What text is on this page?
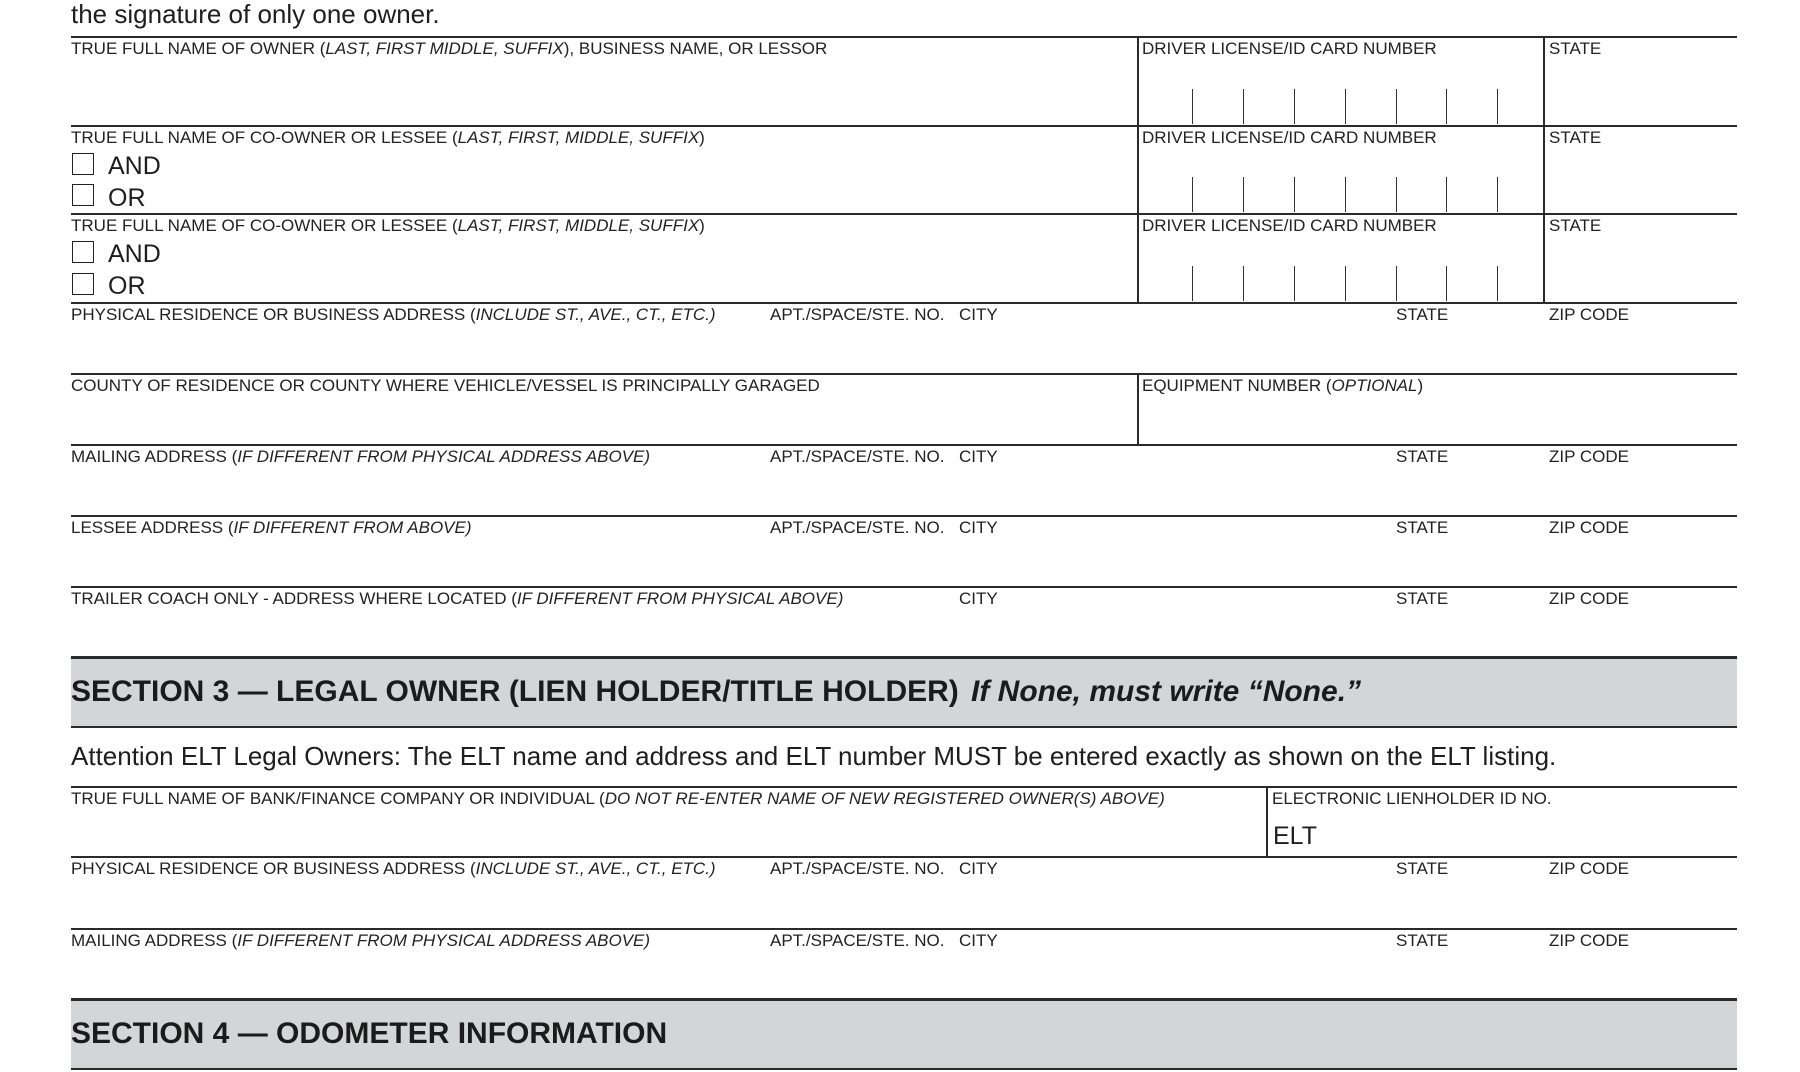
the signature of only one owner.
TRUE FULL NAME OF OWNER (LAST, FIRST MIDDLE, SUFFIX), BUSINESS NAME, OR LESSOR	DRIVER LICENSE/ID CARD NUMBER	STATE
TRUE FULL NAME OF CO-OWNER OR LESSEE (LAST, FIRST, MIDDLE, SUFFIX)
AND
OR
DRIVER LICENSE/ID CARD NUMBER	STATE
TRUE FULL NAME OF CO-OWNER OR LESSEE (LAST, FIRST, MIDDLE, SUFFIX)
AND
OR
DRIVER LICENSE/ID CARD NUMBER	STATE
PHYSICAL RESIDENCE OR BUSINESS ADDRESS (INCLUDE ST., AVE., CT., ETC.)	APT./SPACE/STE. NO. CITY	STATE	ZIP CODE
COUNTY OF RESIDENCE OR COUNTY WHERE VEHICLE/VESSEL IS PRINCIPALLY GARAGED	EQUIPMENT NUMBER (OPTIONAL)
MAILING ADDRESS (IF DIFFERENT FROM PHYSICAL ADDRESS ABOVE)	APT./SPACE/STE. NO. CITY	STATE	ZIP CODE
LESSEE ADDRESS (IF DIFFERENT FROM ABOVE)	APT./SPACE/STE. NO. CITY	STATE	ZIP CODE
TRAILER COACH ONLY - ADDRESS WHERE LOCATED (IF DIFFERENT FROM PHYSICAL ABOVE)	CITY	STATE	ZIP CODE
SECTION 3 — LEGAL OWNER (LIEN HOLDER/TITLE HOLDER) If None, must write “None.”
Attention ELT Legal Owners: The ELT name and address and ELT number MUST be entered exactly as shown on the ELT listing.
TRUE FULL NAME OF BANK/FINANCE COMPANY OR INDIVIDUAL (DO NOT RE-ENTER NAME OF NEW REGISTERED OWNER(S) ABOVE)	ELECTRONIC LIENHOLDER ID NO.
ELT
PHYSICAL RESIDENCE OR BUSINESS ADDRESS (INCLUDE ST., AVE., CT., ETC.)	APT./SPACE/STE. NO. CITY	STATE	ZIP CODE
MAILING ADDRESS (IF DIFFERENT FROM PHYSICAL ADDRESS ABOVE)	APT./SPACE/STE. NO. CITY	STATE	ZIP CODE
SECTION 4 — ODOMETER INFORMATION
